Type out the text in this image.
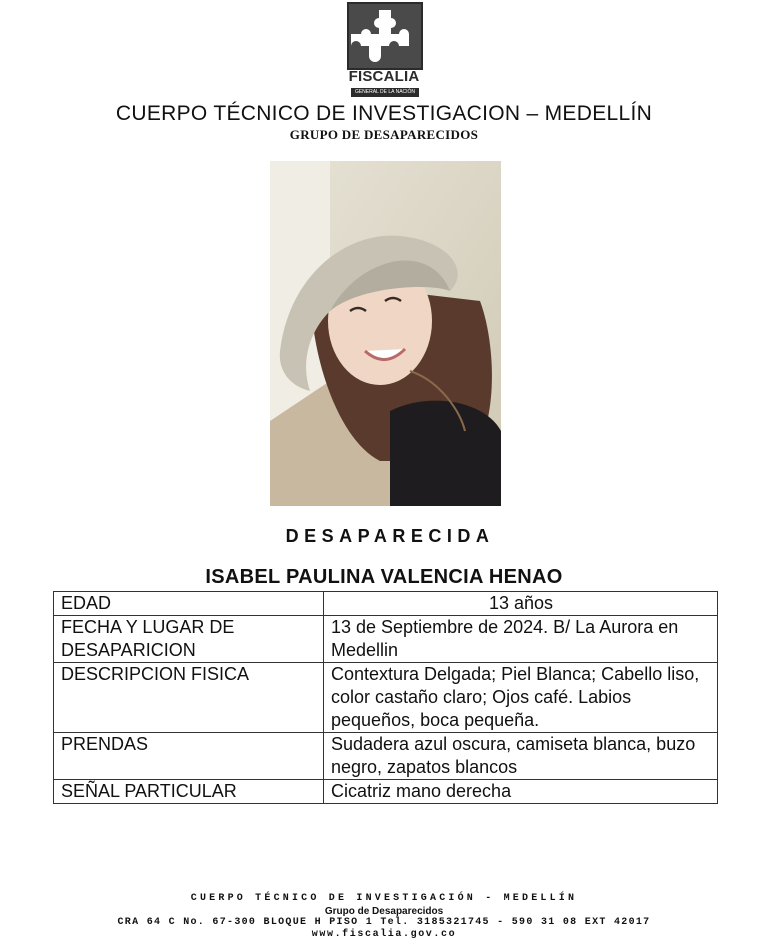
FISCALIA
GENERAL DE LA NACIÓN
CUERPO TÉCNICO DE INVESTIGACION – MEDELLÍN
GRUPO DE DESAPARECIDOS
DESAPARECIDA
ISABEL PAULINA VALENCIA HENAO
EDAD	13 años
FECHA Y LUGAR DE DESAPARICION	13 de Septiembre de 2024. B/ La Aurora en Medellin
DESCRIPCION FISICA	Contextura Delgada; Piel Blanca; Cabello liso, color castaño claro; Ojos café. Labios pequeños, boca pequeña.
PRENDAS	Sudadera azul oscura, camiseta blanca, buzo negro, zapatos blancos
SEÑAL PARTICULAR	Cicatriz mano derecha
CUERPO TÉCNICO DE INVESTIGACIÓN - MEDELLÍN
Grupo de Desaparecidos
CRA 64 C No. 67-300 BLOQUE H PISO 1 Tel. 3185321745 - 590 31 08 EXT 42017
www.fiscalia.gov.co
